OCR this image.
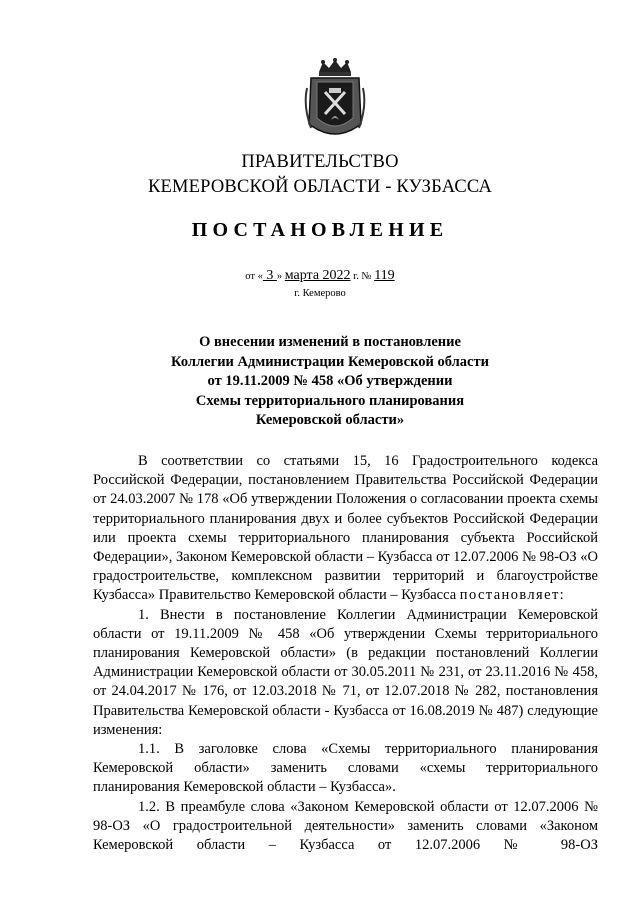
ПРАВИТЕЛЬСТВО
КЕМЕРОВСКОЙ ОБЛАСТИ - КУЗБАССА
ПОСТАНОВЛЕНИЕ
от « 3 » марта 2022 г. № 119
г. Кемерово
О внесении изменений в постановление
Коллегии Администрации Кемеровской области
от 19.11.2009 № 458 «Об утверждении
Схемы территориального планирования
Кемеровской области»

В соответствии со статьями 15, 16 Градостроительного кодекса Российской Федерации, постановлением Правительства Российской Федерации от 24.03.2007 № 178 «Об утверждении Положения о согласовании проекта схемы территориального планирования двух и более субъектов Российской Федерации или проекта схемы территориального планирования субъекта Российской Федерации», Законом Кемеровской области – Кузбасса от 12.07.2006 № 98-ОЗ «О градостроительстве, комплексном развитии территорий и благоустройстве Кузбасса» Правительство Кемеровской области – Кузбасса постановляет:

1. Внести в постановление Коллегии Администрации Кемеровской области от 19.11.2009 № 458 «Об утверждении Схемы территориального планирования Кемеровской области» (в редакции постановлений Коллегии Администрации Кемеровской области от 30.05.2011 № 231, от 23.11.2016 № 458, от 24.04.2017 № 176, от 12.03.2018 № 71, от 12.07.2018 № 282, постановления Правительства Кемеровской области - Кузбасса от 16.08.2019 № 487) следующие изменения:

1.1. В заголовке слова «Схемы территориального планирования Кемеровской области» заменить словами «схемы территориального планирования Кемеровской области – Кузбасса».

1.2. В преамбуле слова «Законом Кемеровской области от 12.07.2006 № 98-ОЗ «О градостроительной деятельности» заменить словами «Законом Кемеровской области – Кузбасса от 12.07.2006 № 98-ОЗ
